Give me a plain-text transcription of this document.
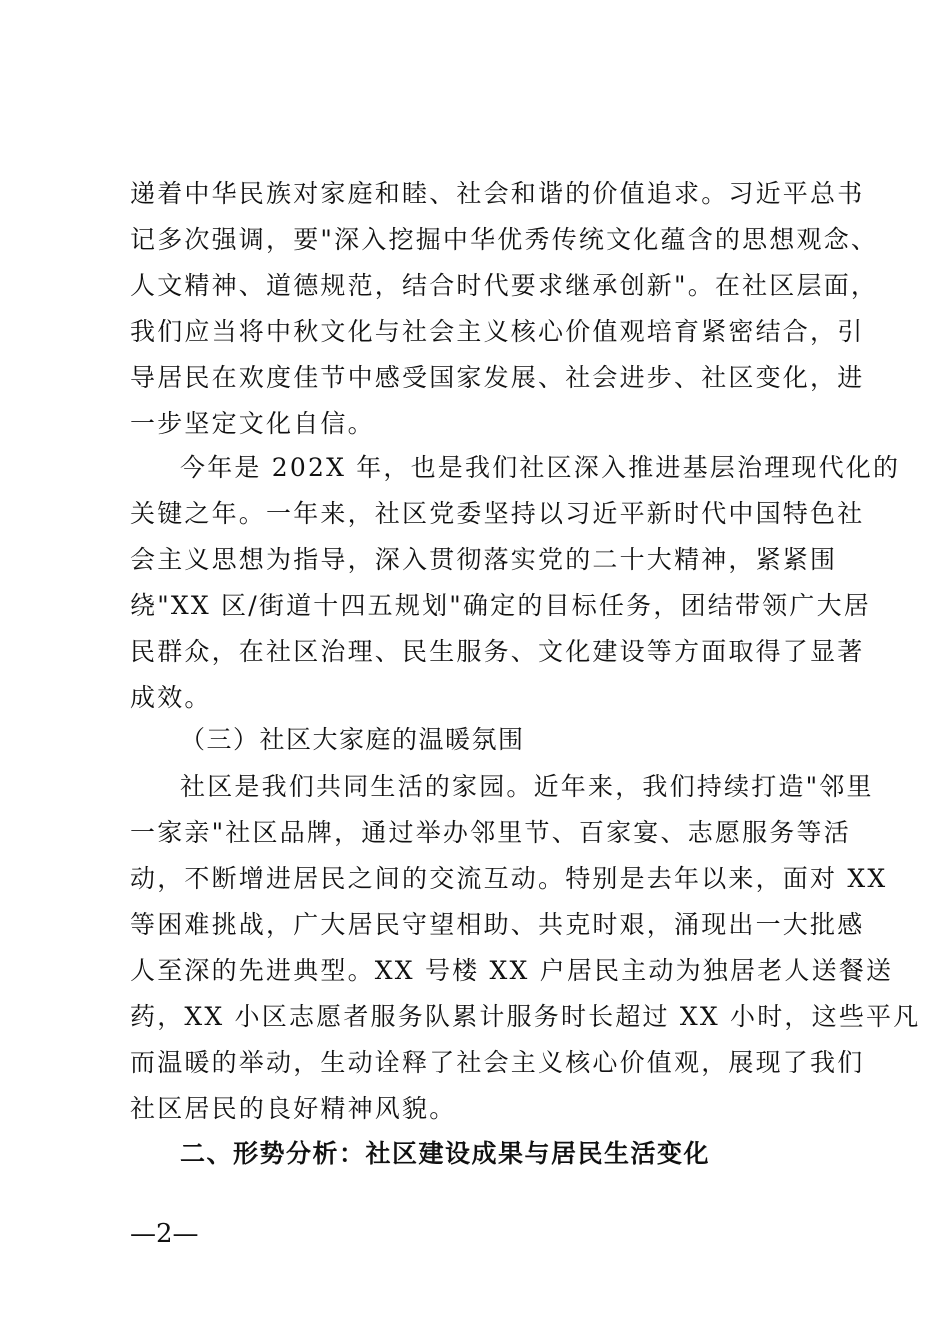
递着中华民族对家庭和睦、社会和谐的价值追求。习近平总书
记多次强调，要"深入挖掘中华优秀传统文化蕴含的思想观念、
人文精神、道德规范，结合时代要求继承创新"。在社区层面，
我们应当将中秋文化与社会主义核心价值观培育紧密结合，引
导居民在欢度佳节中感受国家发展、社会进步、社区变化，进
一步坚定文化自信。
今年是 202X 年，也是我们社区深入推进基层治理现代化的
关键之年。一年来，社区党委坚持以习近平新时代中国特色社
会主义思想为指导，深入贯彻落实党的二十大精神，紧紧围
绕"XX 区/街道十四五规划"确定的目标任务，团结带领广大居
民群众，在社区治理、民生服务、文化建设等方面取得了显著
成效。
（三）社区大家庭的温暖氛围
社区是我们共同生活的家园。近年来，我们持续打造"邻里
一家亲"社区品牌，通过举办邻里节、百家宴、志愿服务等活
动，不断增进居民之间的交流互动。特别是去年以来，面对 XX
等困难挑战，广大居民守望相助、共克时艰，涌现出一大批感
人至深的先进典型。XX 号楼 XX 户居民主动为独居老人送餐送
药，XX 小区志愿者服务队累计服务时长超过 XX 小时，这些平凡
而温暖的举动，生动诠释了社会主义核心价值观，展现了我们
社区居民的良好精神风貌。
二、形势分析：社区建设成果与居民生活变化
—2—
